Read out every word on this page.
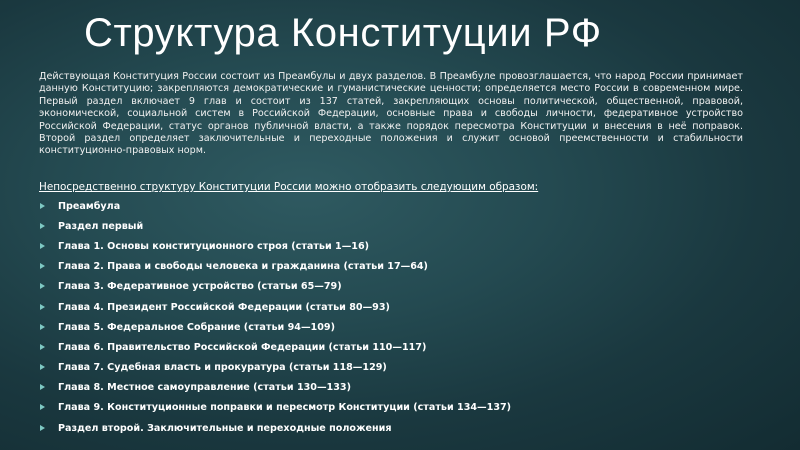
Структура Конституции РФ
Действующая Конституция России состоит из Преамбулы и двух разделов. В Преамбуле провозглашается, что народ России принимает данную Конституцию; закрепляются демократические и гуманистические ценности; определяется место России в современном мире. Первый раздел включает 9 глав и состоит из 137 статей, закрепляющих основы политической, общественной, правовой, экономической, социальной систем в Российской Федерации, основные права и свободы личности, федеративное устройство Российской Федерации, статус органов публичной власти, а также порядок пересмотра Конституции и внесения в неё поправок. Второй раздел определяет заключительные и переходные положения и служит основой преемственности и стабильности конституционно-правовых норм.
Непосредственно структуру Конституции России можно отобразить следующим образом:
Преамбула
Раздел первый
Глава 1. Основы конституционного строя (статьи 1—16)
Глава 2. Права и свободы человека и гражданина (статьи 17—64)
Глава 3. Федеративное устройство (статьи 65—79)
Глава 4. Президент Российской Федерации (статьи 80—93)
Глава 5. Федеральное Собрание (статьи 94—109)
Глава 6. Правительство Российской Федерации (статьи 110—117)
Глава 7. Судебная власть и прокуратура (статьи 118—129)
Глава 8. Местное самоуправление (статьи 130—133)
Глава 9. Конституционные поправки и пересмотр Конституции (статьи 134—137)
Раздел второй. Заключительные и переходные положения
